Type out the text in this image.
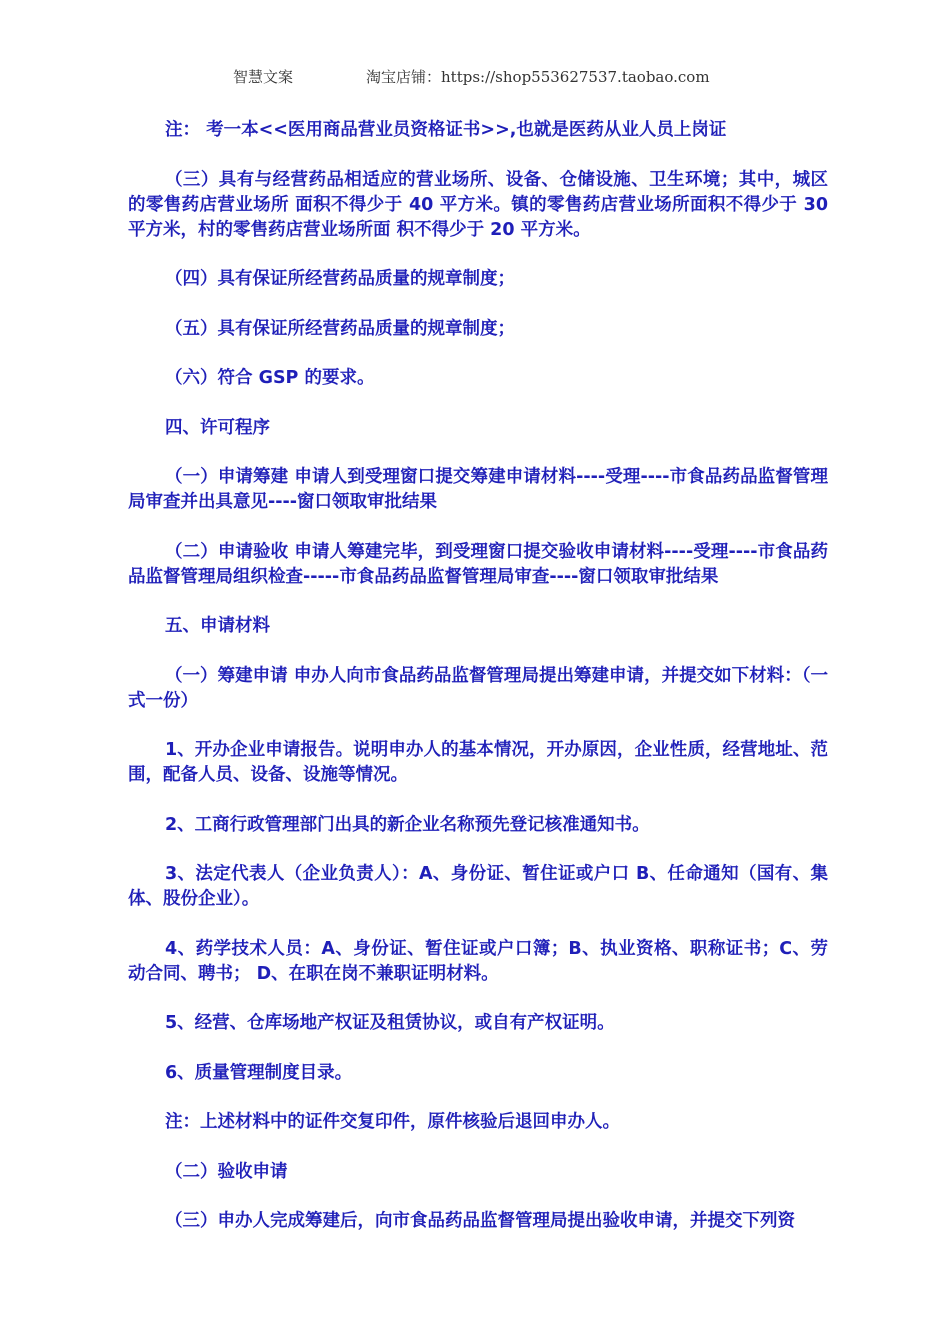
智慧文案	淘宝店铺：https://shop553627537.taobao.com

注： 考一本<<医用商品营业员资格证书>>,也就是医药从业人员上岗证

（三）具有与经营药品相适应的营业场所、设备、仓储设施、卫生环境；其中，城区的零售药店营业场所 面积不得少于 40 平方米。镇的零售药店营业场所面积不得少于 30 平方米，村的零售药店营业场所面 积不得少于 20 平方米。

（四）具有保证所经营药品质量的规章制度；

（五）具有保证所经营药品质量的规章制度；

（六）符合 GSP 的要求。

四、许可程序

（一）申请筹建 申请人到受理窗口提交筹建申请材料----受理----市食品药品监督管理局审查并出具意见----窗口领取审批结果

（二）申请验收 申请人筹建完毕，到受理窗口提交验收申请材料----受理----市食品药品监督管理局组织检查-----市食品药品监督管理局审查----窗口领取审批结果

五、申请材料

（一）筹建申请 申办人向市食品药品监督管理局提出筹建申请，并提交如下材料：（一式一份）

1、开办企业申请报告。说明申办人的基本情况，开办原因，企业性质，经营地址、范围，配备人员、设备、设施等情况。

2、工商行政管理部门出具的新企业名称预先登记核准通知书。

3、法定代表人（企业负责人）：A、身份证、暂住证或户口 B、任命通知（国有、集体、股份企业）。

4、药学技术人员：A、身份证、暂住证或户口簿；B、执业资格、职称证书；C、劳动合同、聘书； D、在职在岗不兼职证明材料。

5、经营、仓库场地产权证及租赁协议，或自有产权证明。

6、质量管理制度目录。

注：上述材料中的证件交复印件，原件核验后退回申办人。

（二）验收申请

（三）申办人完成筹建后，向市食品药品监督管理局提出验收申请，并提交下列资
